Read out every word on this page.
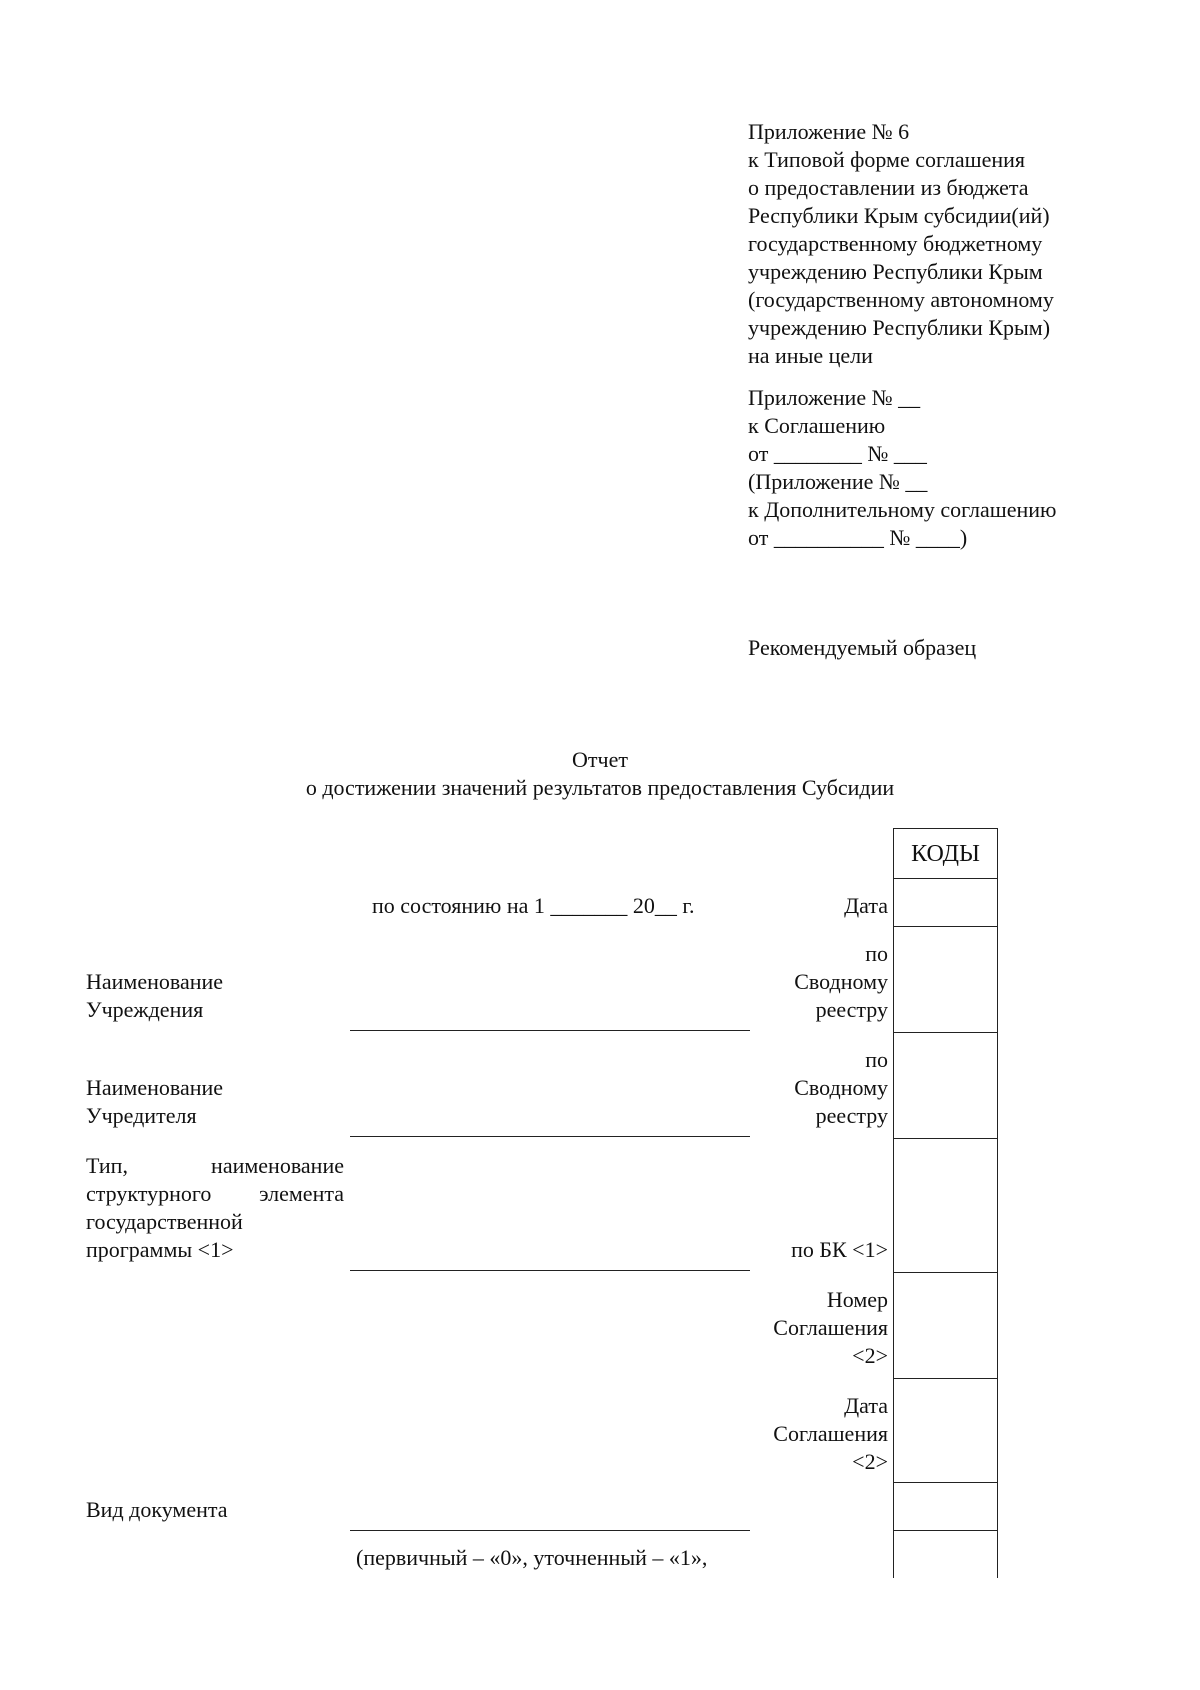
Приложение № 6
к Типовой форме соглашения
о предоставлении из бюджета
Республики Крым субсидии(ий)
государственному бюджетному
учреждению Республики Крым
(государственному автономному
учреждению Республики Крым)
на иные цели
Приложение № __
к Соглашению
от ________ № ___
(Приложение № __
к Дополнительному соглашению
от __________ № ____)
Рекомендуемый образец
Отчет
о достижении значений результатов предоставления Субсидии
КОДЫ
по состоянию на 1 _______ 20__ г.	Дата
по
Сводному
реестру
по
Сводному
реестру
по БК <1>
Номер
Соглашения
<2>
Дата
Соглашения
<2>
Наименование
Учреждения
Наименование
Учредителя
Тип,	наименование
структурного элемента
государственной
программы <1>
Вид документа
(первичный – «0», уточненный – «1»,
